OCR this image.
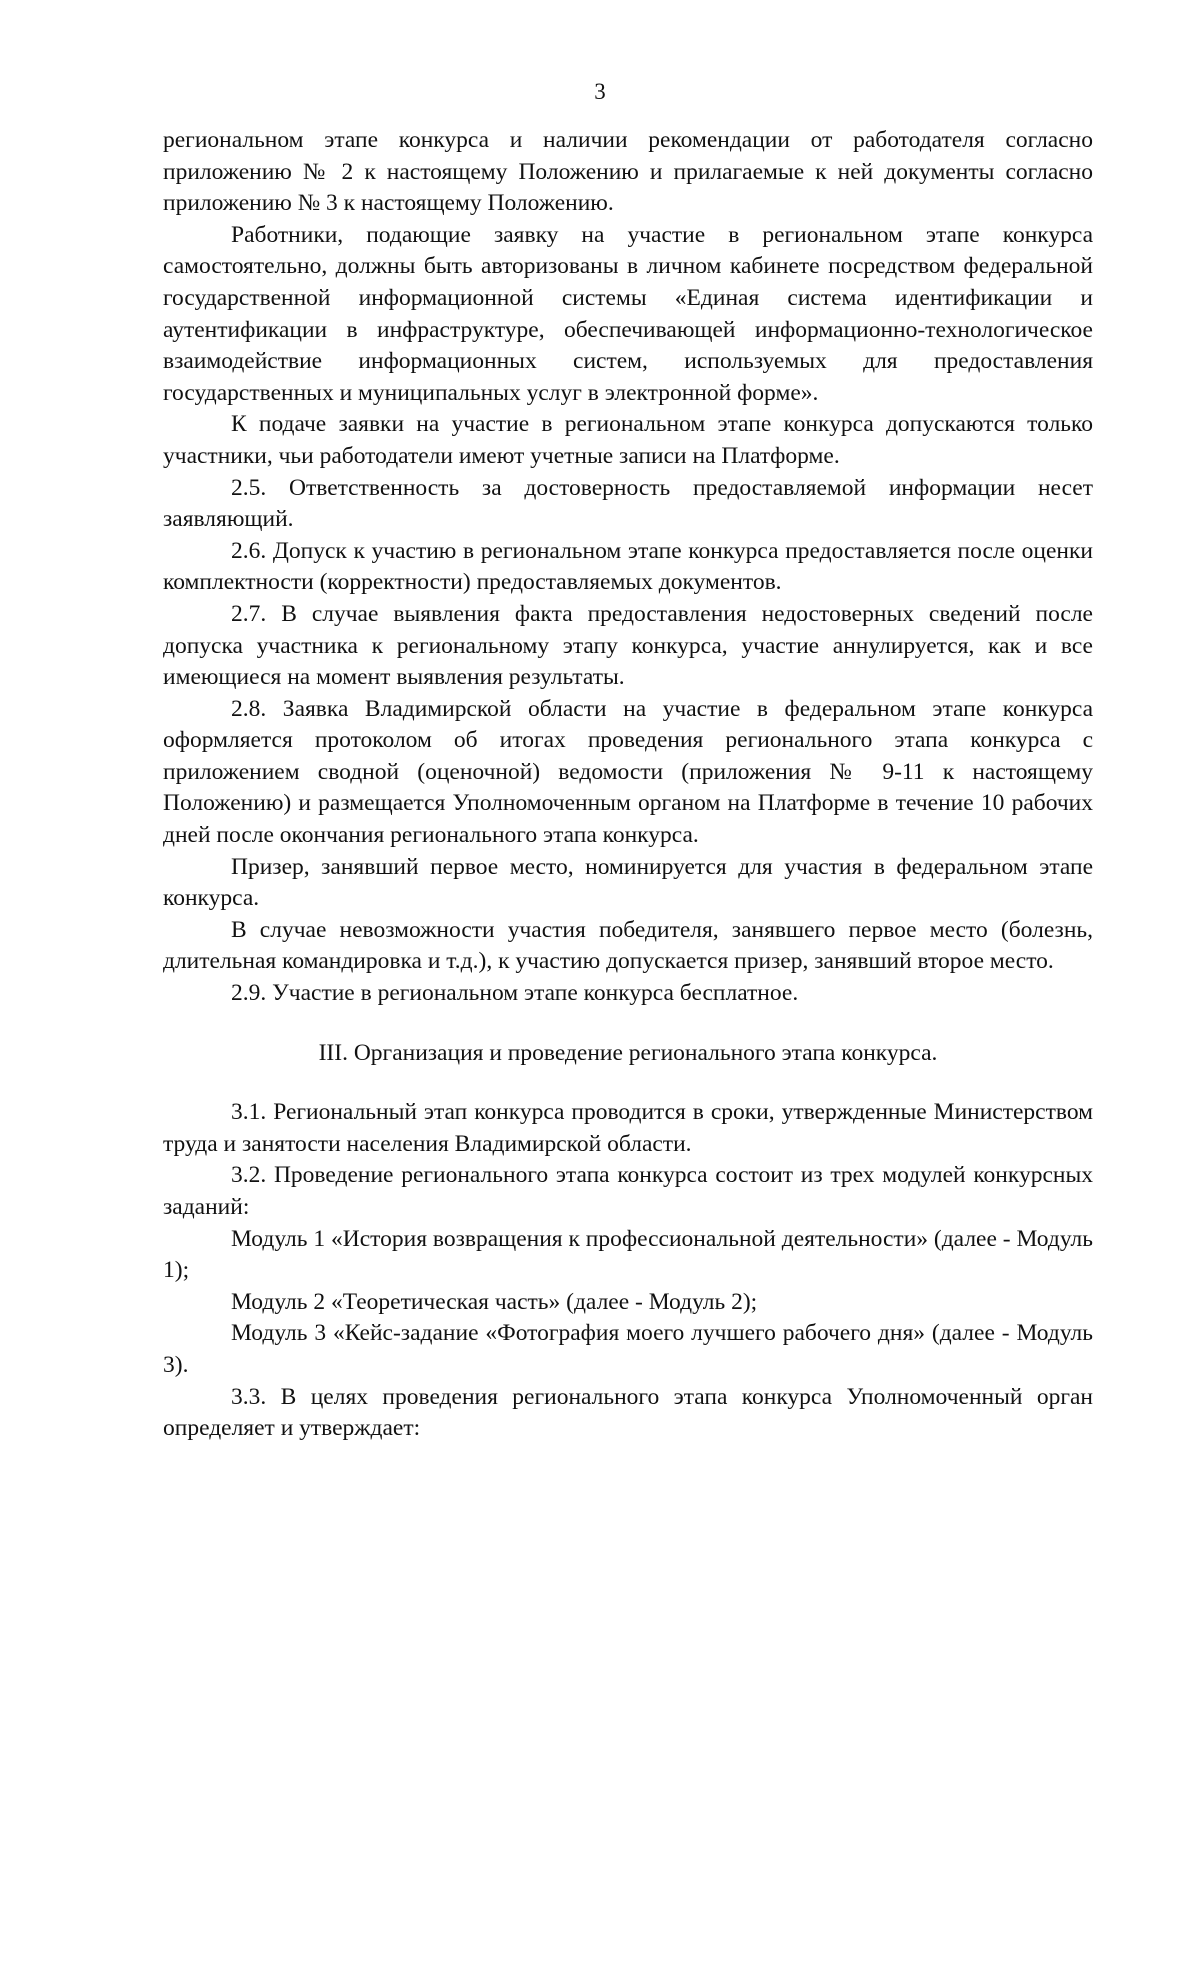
3

региональном этапе конкурса и наличии рекомендации от работодателя согласно приложению № 2 к настоящему Положению и прилагаемые к ней документы согласно приложению № 3 к настоящему Положению.

Работники, подающие заявку на участие в региональном этапе конкурса самостоятельно, должны быть авторизованы в личном кабинете посредством федеральной государственной информационной системы «Единая система идентификации и аутентификации в инфраструктуре, обеспечивающей информационно-технологическое взаимодействие информационных систем, используемых для предоставления государственных и муниципальных услуг в электронной форме».

К подаче заявки на участие в региональном этапе конкурса допускаются только участники, чьи работодатели имеют учетные записи на Платформе.

2.5. Ответственность за достоверность предоставляемой информации несет заявляющий.

2.6. Допуск к участию в региональном этапе конкурса предоставляется после оценки комплектности (корректности) предоставляемых документов.

2.7. В случае выявления факта предоставления недостоверных сведений после допуска участника к региональному этапу конкурса, участие аннулируется, как и все имеющиеся на момент выявления результаты.

2.8. Заявка Владимирской области на участие в федеральном этапе конкурса оформляется протоколом об итогах проведения регионального этапа конкурса с приложением сводной (оценочной) ведомости (приложения № 9-11 к настоящему Положению) и размещается Уполномоченным органом на Платформе в течение 10 рабочих дней после окончания регионального этапа конкурса.

Призер, занявший первое место, номинируется для участия в федеральном этапе конкурса.

В случае невозможности участия победителя, занявшего первое место (болезнь, длительная командировка и т.д.), к участию допускается призер, занявший второе место.

2.9. Участие в региональном этапе конкурса бесплатное.

III. Организация и проведение регионального этапа конкурса.

3.1. Региональный этап конкурса проводится в сроки, утвержденные Министерством труда и занятости населения Владимирской области.

3.2. Проведение регионального этапа конкурса состоит из трех модулей конкурсных заданий:

Модуль 1 «История возвращения к профессиональной деятельности» (далее - Модуль 1);

Модуль 2 «Теоретическая часть» (далее - Модуль 2);

Модуль 3 «Кейс-задание «Фотография моего лучшего рабочего дня» (далее - Модуль 3).

3.3. В целях проведения регионального этапа конкурса Уполномоченный орган определяет и утверждает:
